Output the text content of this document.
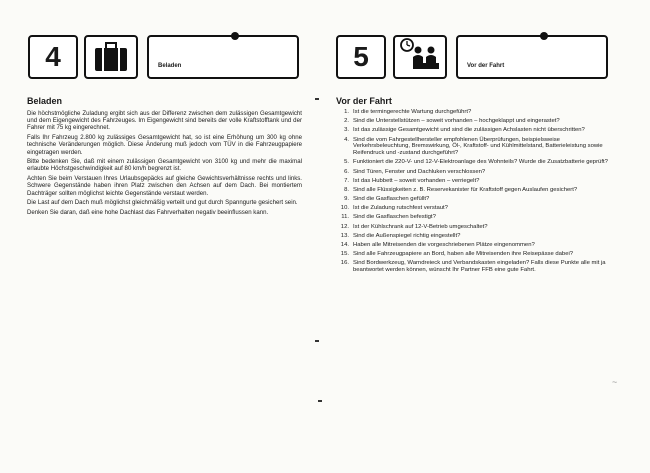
4	Beladen	5	Vor der Fahrt
Beladen

Die höchstmögliche Zuladung ergibt sich aus der Differenz zwischen dem zulässigen Gesamtgewicht und dem Eigengewicht des Fahrzeuges. Im Eigengewicht sind bereits der volle Kraftstofftank und der Fahrer mit 75 kg eingerechnet.

Falls Ihr Fahrzeug 2.800 kg zulässiges Gesamtgewicht hat, so ist eine Erhöhung um 300 kg ohne technische Veränderungen möglich. Diese Änderung muß jedoch vom TÜV in die Fahrzeugpapiere eingetragen werden.

Bitte bedenken Sie, daß mit einem zulässigen Gesamtgewicht von 3100 kg und mehr die maximal erlaubte Höchstgeschwindigkeit auf 80 km/h begrenzt ist.

Achten Sie beim Verstauen Ihres Urlaubsgepäcks auf gleiche Gewichtsverhältnisse rechts und links. Schwere Gegenstände haben ihren Platz zwischen den Achsen auf dem Dach. Bei montiertem Dachträger sollten möglichst leichte Gegenstände verstaut werden.

Die Last auf dem Dach muß möglichst gleichmäßig verteilt und gut durch Spanngurte gesichert sein.

Denken Sie daran, daß eine hohe Dachlast das Fahrverhalten negativ beeinflussen kann.

Vor der Fahrt
1. Ist die termingerechte Wartung durchgeführt?
2. Sind die Unterstellstützen – soweit vorhanden – hochgeklappt und eingerastet?
3. Ist das zulässige Gesamtgewicht und sind die zulässigen Achslasten nicht überschritten?
4. Sind die vom Fahrgestellhersteller empfohlenen Überprüfungen, beispielsweise Verkehrsbeleuchtung, Bremswirkung, Öl-, Kraftstoff- und Kühlmittelstand, Batterieleistung sowie Reifendruck und -zustand durchgeführt?
5. Funktioniert die 220-V- und 12-V-Elektroanlage des Wohnteils? Wurde die Zusatzbatterie geprüft?
6. Sind Türen, Fenster und Dachluken verschlossen?
7. Ist das Hubbett – soweit vorhanden – verriegelt?
8. Sind alle Flüssigkeiten z. B. Reservekanister für Kraftstoff gegen Auslaufen gesichert?
9. Sind die Gasflaschen gefüllt?
10. Ist die Zuladung rutschfest verstaut?
11. Sind die Gasflaschen befestigt?
12. Ist der Kühlschrank auf 12-V-Betrieb umgeschaltet?
13. Sind die Außenspiegel richtig eingestellt?
14. Haben alle Mitreisenden die vorgeschriebenen Plätze eingenommen?
15. Sind alle Fahrzeugpapiere an Bord, haben alle Mitreisenden ihre Reisepässe dabei?
16. Sind Bordwerkzeug, Warndreieck und Verbandskasten eingeladen? Falls diese Punkte alle mit ja beantwortet werden können, wünscht Ihr Partner FFB eine gute Fahrt.
~
